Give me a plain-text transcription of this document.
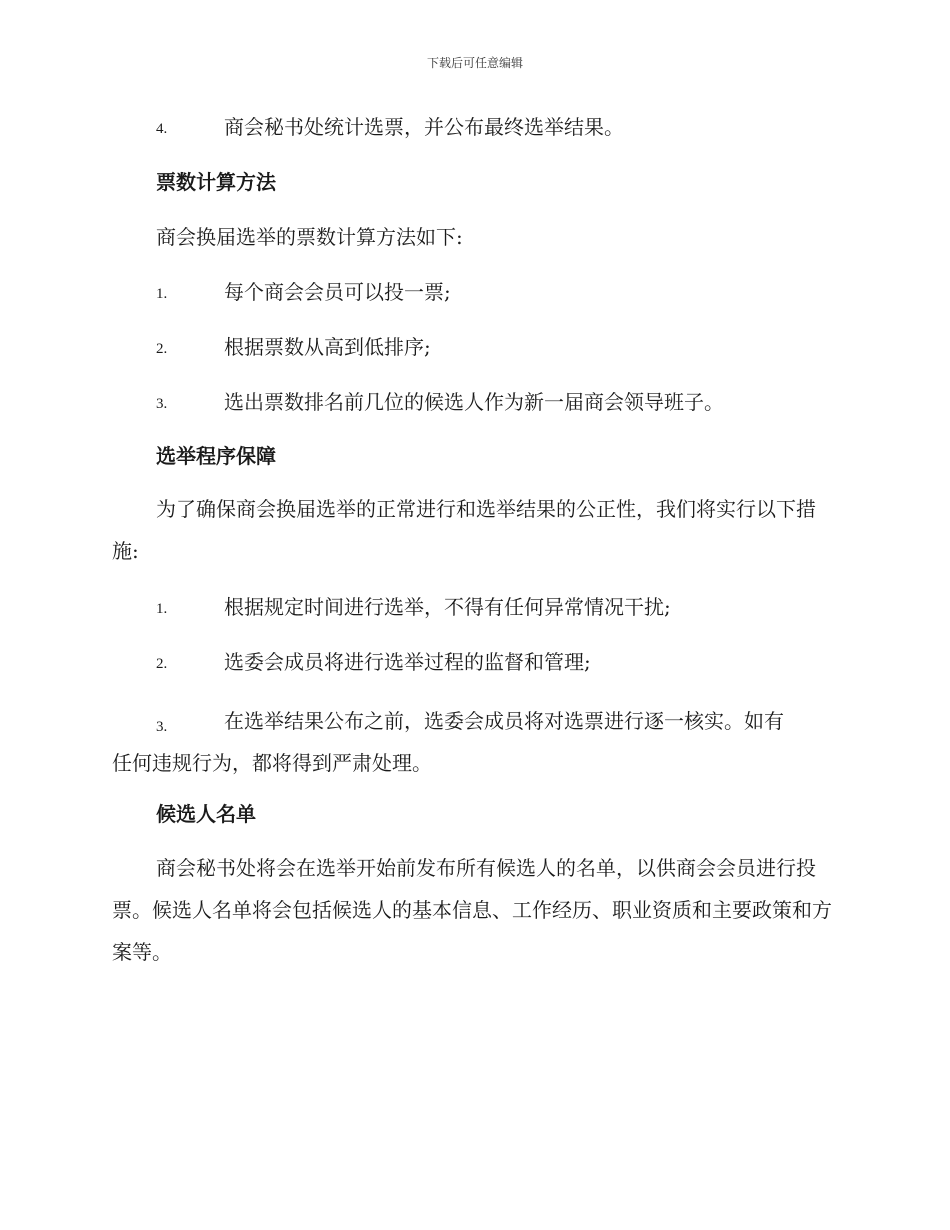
下载后可任意编辑
4.	商会秘书处统计选票，并公布最终选举结果。
票数计算方法
商会换届选举的票数计算方法如下:
1.	每个商会会员可以投一票;
2.	根据票数从高到低排序;
3.	选出票数排名前几位的候选人作为新一届商会领导班子。
选举程序保障
为了确保商会换届选举的正常进行和选举结果的公正性，我们将实行以下措施:
1.	根据规定时间进行选举，不得有任何异常情况干扰;
2.	选委会成员将进行选举过程的监督和管理;
3.	在选举结果公布之前，选委会成员将对选票进行逐一核实。如有
任何违规行为，都将得到严肃处理。
候选人名单
商会秘书处将会在选举开始前发布所有候选人的名单，以供商会会员进行投票。候选人名单将会包括候选人的基本信息、工作经历、职业资质和主要政策和方案等。
